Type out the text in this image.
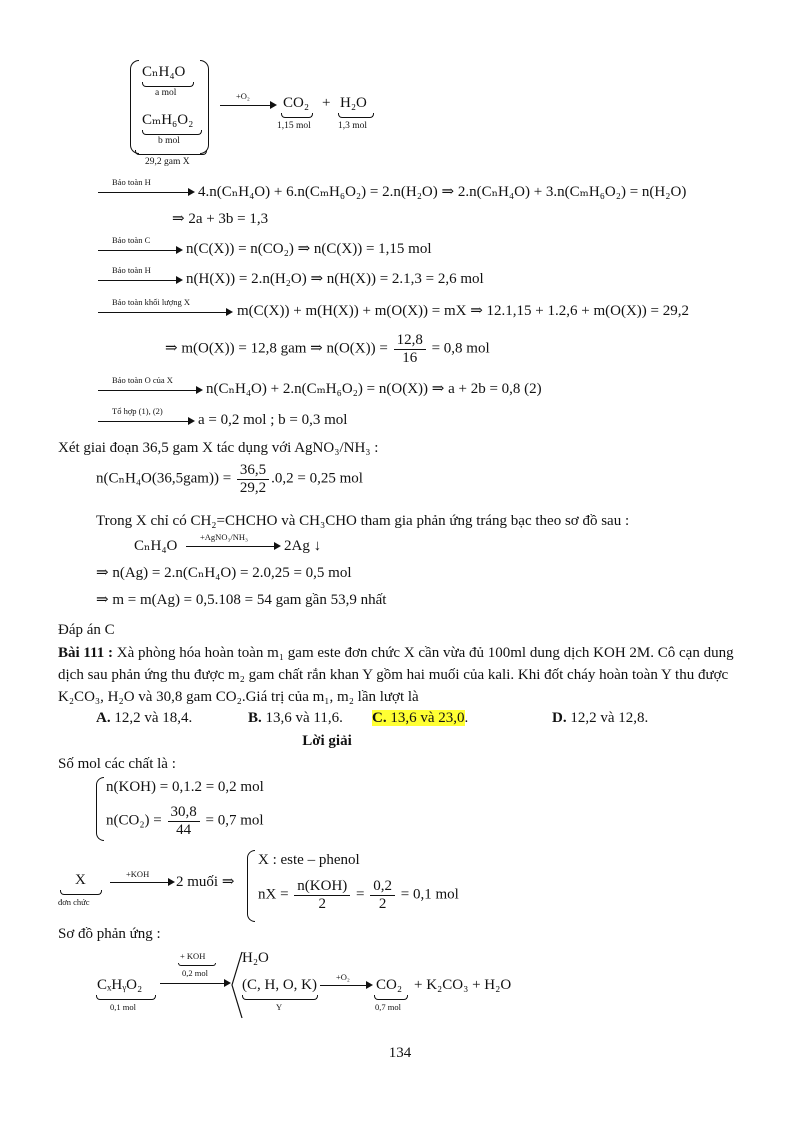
CₙH₄O
a mol
CₘH₆O₂
b mol
29,2 gam X
+O₂ CO₂
1,15 mol
+ H₂O
1,3 mol
Bảo toàn H
4.n(CₙH₄O) + 6.n(CₘH₆O₂) = 2.n(H₂O) ⇒ 2.n(CₙH₄O) + 3.n(CₘH₆O₂) = n(H₂O)
⇒ 2a + 3b = 1,3
Bảo toàn C
n(C(X)) = n(CO₂) ⇒ n(C(X)) = 1,15 mol
Bảo toàn H
n(H(X)) = 2.n(H₂O) ⇒ n(H(X)) = 2.1,3 = 2,6 mol
Bảo toàn khối lượng X
m(C(X)) + m(H(X)) + m(O(X)) = mX ⇒ 12.1,15 + 1.2,6 + m(O(X)) = 29,2
⇒ m(O(X)) = 12,8 gam ⇒ $n(O(X)) = \frac{12,8}{16} = 0,8$ mol
Bảo toàn O của X
n(CₙH₄O) + 2.n(CₘH₆O₂) = n(O(X)) ⇒ a + 2b = 0,8 (2)
Tổ hợp (1), (2)
a = 0,2 mol ; b = 0,3 mol
Xét giai đoạn 36,5 gam X tác dụng với AgNO₃/NH₃ :
$n(C_nH_4O(36,5gam)) = \frac{36,5}{29,2} .0,2 = 0,25$ mol
Trong X chỉ có CH₂=CHCHO và CH₃CHO tham gia phản ứng tráng bạc theo sơ đồ sau :
CₙH₄O
+AgNO₃/NH₃
2Ag ↓
⇒ n(Ag) = 2.n(CₙH₄O) = 2.0,25 = 0,5 mol
⇒ m = m(Ag) = 0,5.108 = 54 gam gần 53,9 nhất
Đáp án C
Bài 111 : Xà phòng hóa hoàn toàn m₁ gam este đơn chức X cần vừa đủ 100ml dung dịch KOH 2M. Cô cạn dung dịch sau phản ứng thu được m₂ gam chất rắn khan Y gồm hai muối của kali. Khi đốt cháy hoàn toàn Y thu được K₂CO₃, H₂O và 30,8 gam CO₂.Giá trị của m₁, m₂ lần lượt là
A. 12,2 và 18,4.	B. 13,6 và 11,6. C. 13,6 và 23,0.	D. 12,2 và 12,8.
Lời giải
Số mol các chất là :
n(KOH) = 0,1.2 = 0,2 mol
$n(CO_2) = \frac{30,8}{44} = 0,7$ mol
X
đơn chức
+KOH 2 muối ⇒
X : este – phenol
nX = $\frac{\text{n(KOH)}}{2} = \frac{0,2}{2} = 0,1$ mol
Sơ đồ phản ứng :
CₓHᵧO₂
0,1 mol
+ KOH
0,2 mol
H₂O
(C, H, O, K)
Y
+O₂ CO₂
0,7 mol
+ K₂CO₃ + H₂O
134
